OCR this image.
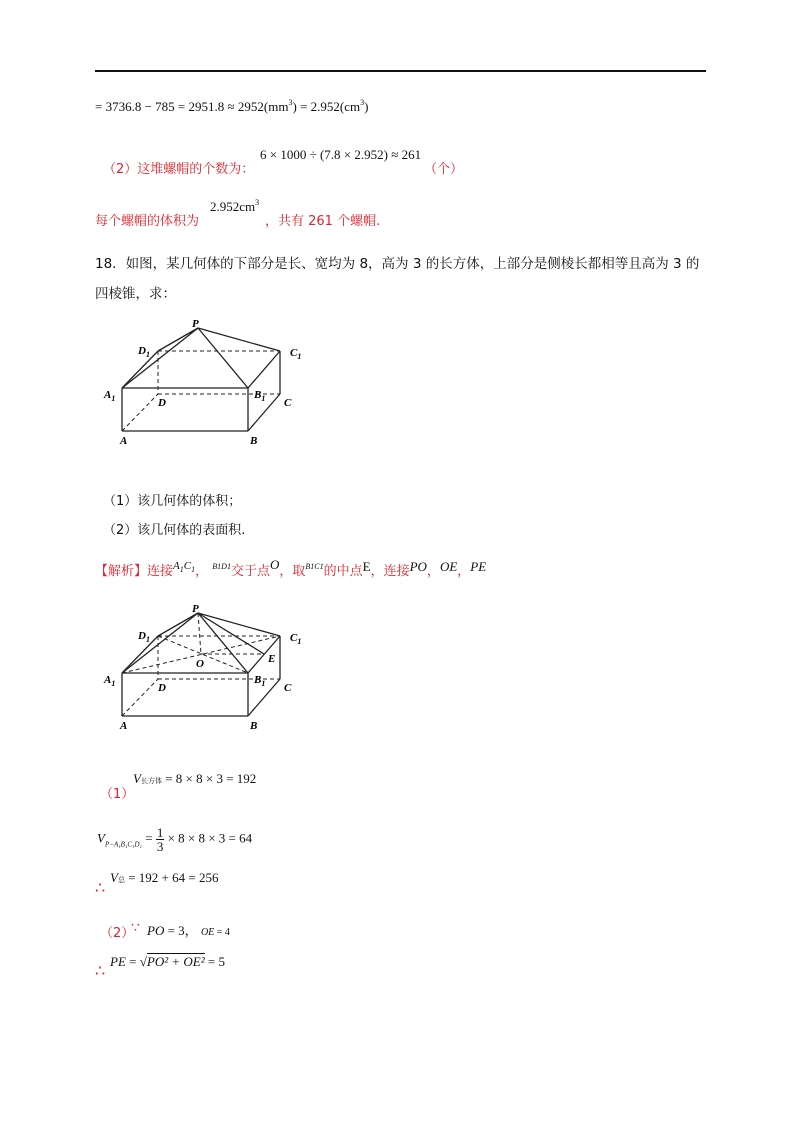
= $3736.8 - 785 = 2951.8 \approx 2952(mm^3) = 2.952(cm^3)$
（2）这堆螺帽的个数为：
6 × 1000 ÷ (7.8 × 2.952) ≈ 261
（个）
每个螺帽的体积为
$2.952cm^3$
，共有 261 个螺帽.
18．如图，某几何体的下部分是长、宽均为 8，高为 3 的长方体，上部分是侧棱长都相等且高为 3 的
四棱锥，求：
P
$D_1$	$C_1$
$A_1$	$B_1$
D	C
A	B
（1）该几何体的体积；
（2）该几何体的表面积.
【解析】连接$^{A_1C_1}$， $^{B1D1}$交于点O，取$^{B1C1}$的中点E，连接PO，OE，PE
P
$D_1$	$C_1$
O	E
$A_1$	$B_1$
D	C
A	B
（1）
V长方体 = 8 × 8 × 3 = 192
$V_{P-A_1B_1C_1D_1} = \frac{1}{3} \times 8 \times 8 \times 3 = 64$
∴
V总 = 192 + 64 = 256
（2）
∵ PO = 3， OE = 4
∴ PE = √PO² + OE² = 5
